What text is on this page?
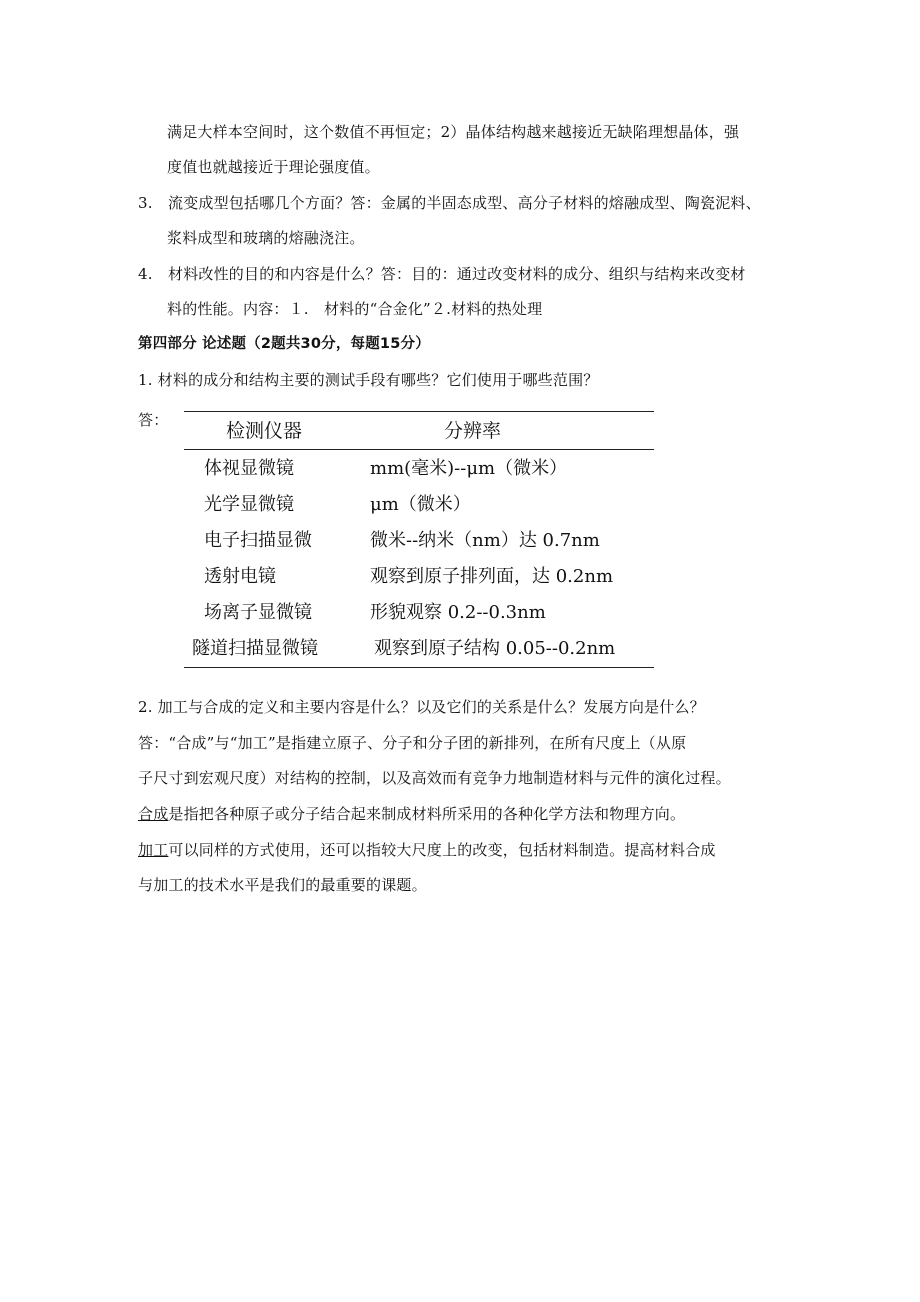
满足大样本空间时，这个数值不再恒定；2）晶体结构越来越接近无缺陷理想晶体，强
度值也就越接近于理论强度值。
3. 流变成型包括哪几个方面？答：金属的半固态成型、高分子材料的熔融成型、陶瓷泥料、
浆料成型和玻璃的熔融浇注。
4. 材料改性的目的和内容是什么？答：目的：通过改变材料的成分、组织与结构来改变材
料的性能。内容：１.　材料的“合金化”２.材料的热处理
第四部分 论述题（2题共30分，每题15分）
1. 材料的成分和结构主要的测试手段有哪些？它们使用于哪些范围？
答：	检测仪器	分辨率
体视显微镜	mm(毫米)--μm（微米）
光学显微镜	μm（微米）
电子扫描显微	微米--纳米（nm）达 0.7nm
透射电镜	观察到原子排列面，达 0.2nm
场离子显微镜	形貌观察 0.2--0.3nm
隧道扫描显微镜	观察到原子结构 0.05--0.2nm
2. 加工与合成的定义和主要内容是什么？以及它们的关系是什么？发展方向是什么？
答：“合成”与“加工”是指建立原子、分子和分子团的新排列，在所有尺度上（从原
子尺寸到宏观尺度）对结构的控制，以及高效而有竞争力地制造材料与元件的演化过程。
合成是指把各种原子或分子结合起来制成材料所采用的各种化学方法和物理方向。
加工可以同样的方式使用，还可以指较大尺度上的改变，包括材料制造。提高材料合成
与加工的技术水平是我们的最重要的课题。
